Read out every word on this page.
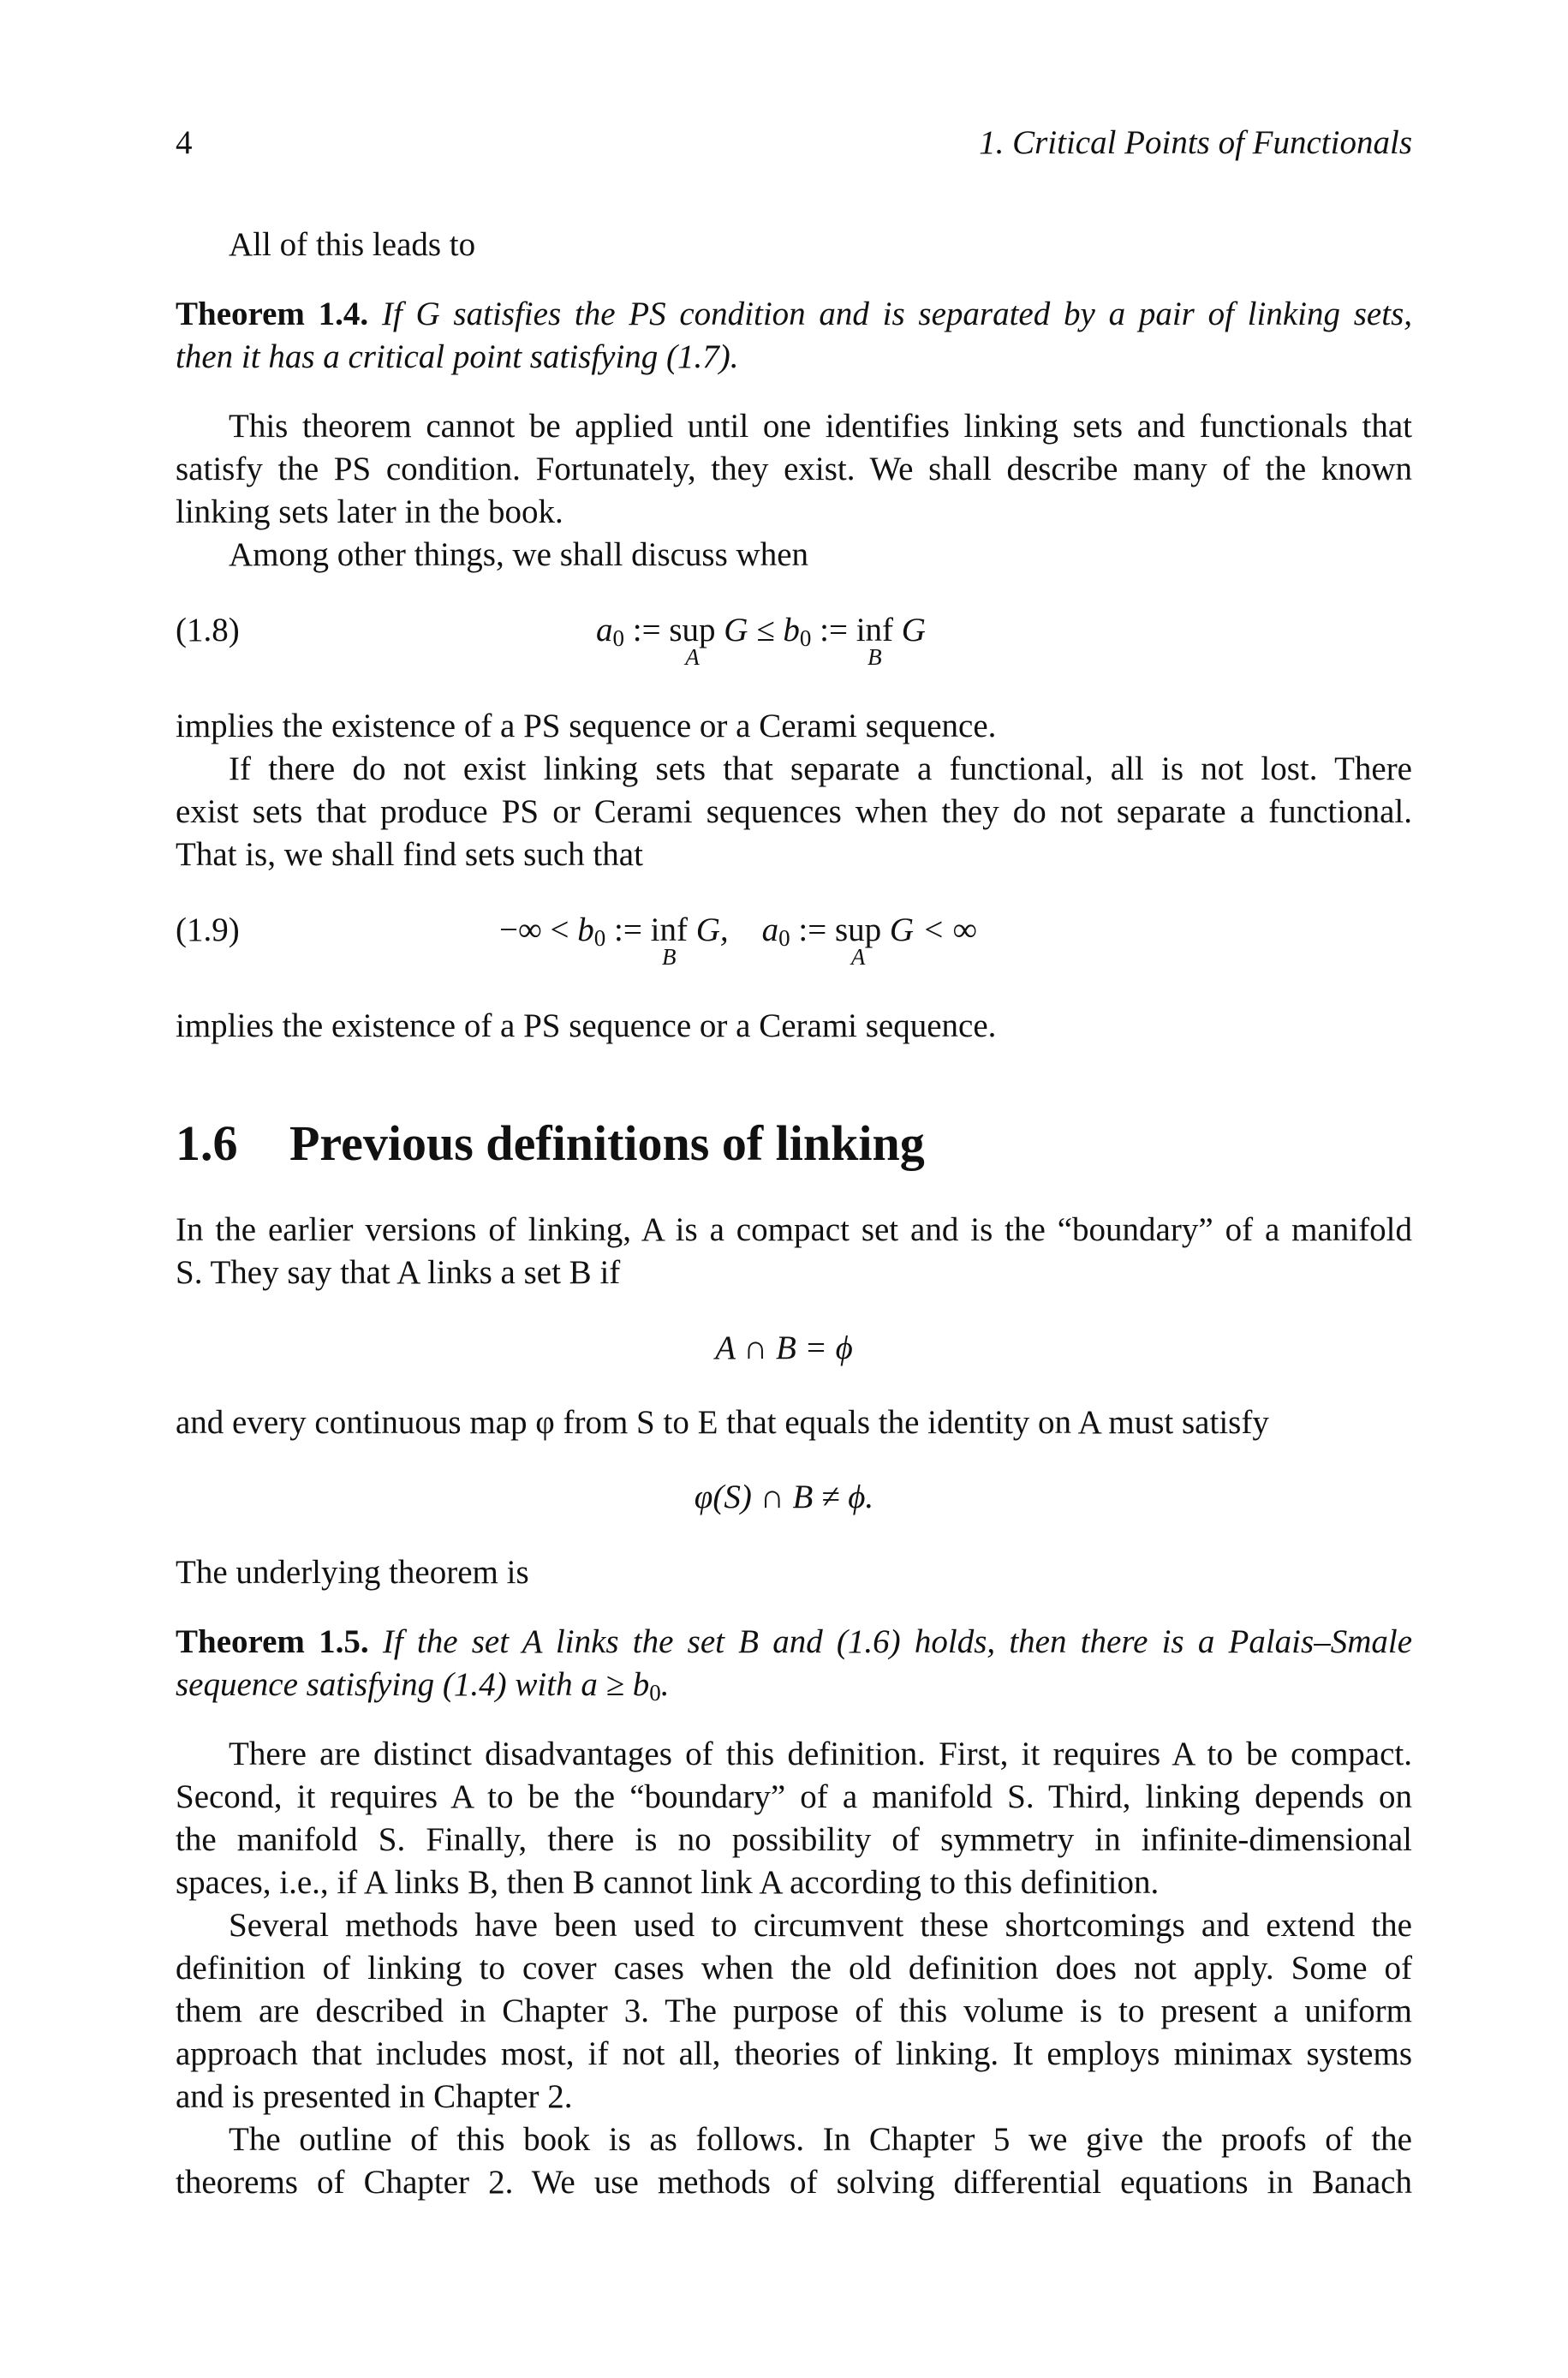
4	1. Critical Points of Functionals
All of this leads to
Theorem 1.4. If G satisfies the PS condition and is separated by a pair of linking sets,
then it has a critical point satisfying (1.7).
This theorem cannot be applied until one identifies linking sets and functionals that
satisfy the PS condition. Fortunately, they exist. We shall describe many of the known
linking sets later in the book.
Among other things, we shall discuss when
(1.8)	a0 := sup
A
G ≤ b0 := inf
B
G
implies the existence of a PS sequence or a Cerami sequence.
If there do not exist linking sets that separate a functional, all is not lost. There
exist sets that produce PS or Cerami sequences when they do not separate a functional.
That is, we shall find sets such that
(1.9)	−∞ < b0 := inf
B
G,    a0 := sup
A
G < ∞
implies the existence of a PS sequence or a Cerami sequence.
1.6 Previous definitions of linking
In the earlier versions of linking, A is a compact set and is the “boundary” of a manifold
S. They say that A links a set B if
A ∩ B = ϕ
and every continuous map φ from S to E that equals the identity on A must satisfy
φ(S) ∩ B ≠ ϕ.
The underlying theorem is
Theorem 1.5. If the set A links the set B and (1.6) holds, then there is a Palais–Smale
sequence satisfying (1.4) with a ≥ b0.
There are distinct disadvantages of this definition. First, it requires A to be compact.
Second, it requires A to be the “boundary” of a manifold S. Third, linking depends on
the manifold S. Finally, there is no possibility of symmetry in infinite-dimensional
spaces, i.e., if A links B, then B cannot link A according to this definition.
Several methods have been used to circumvent these shortcomings and extend the
definition of linking to cover cases when the old definition does not apply. Some of
them are described in Chapter 3. The purpose of this volume is to present a uniform
approach that includes most, if not all, theories of linking. It employs minimax systems
and is presented in Chapter 2.
The outline of this book is as follows. In Chapter 5 we give the proofs of the
theorems of Chapter 2. We use methods of solving differential equations in Banach
